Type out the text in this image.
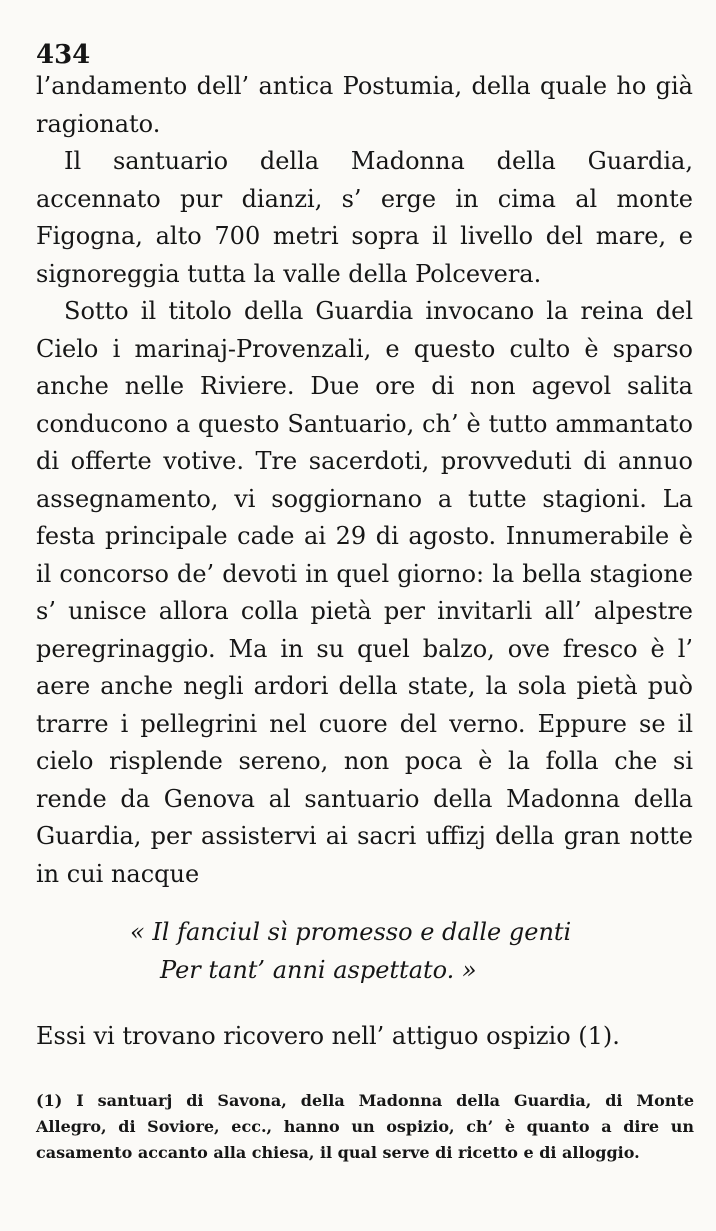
434

l’andamento dell’ antica Postumia, della quale ho già ragionato.

Il santuario della Madonna della Guardia, accennato pur dianzi, s’ erge in cima al monte Figogna, alto 700 metri sopra il livello del mare, e signoreggia tutta la valle della Polcevera.

Sotto il titolo della Guardia invocano la reina del Cielo i marinaj-Provenzali, e questo culto è sparso anche nelle Riviere. Due ore di non agevol salita conducono a questo Santuario, ch’ è tutto ammantato di offerte votive. Tre sacerdoti, provveduti di annuo assegnamento, vi soggiornano a tutte stagioni. La festa principale cade ai 29 di agosto. Innumerabile è il concorso de’ devoti in quel giorno: la bella stagione s’ unisce allora colla pietà per invitarli all’ alpestre peregrinaggio. Ma in su quel balzo, ove fresco è l’ aere anche negli ardori della state, la sola pietà può trarre i pellegrini nel cuore del verno. Eppure se il cielo risplende sereno, non poca è la folla che si rende da Genova al santuario della Madonna della Guardia, per assistervi ai sacri uffizj della gran notte in cui nacque

« Il fanciul sì promesso e dalle genti
Per tant’ anni aspettato. »
Essi vi trovano ricovero nell’ attiguo ospizio (1).
(1) I santuarj di Savona, della Madonna della Guardia, di Monte
Allegro, di Soviore, ecc., hanno un ospizio, ch’ è quanto a dire un
casamento accanto alla chiesa, il qual serve di ricetto e di alloggio.
